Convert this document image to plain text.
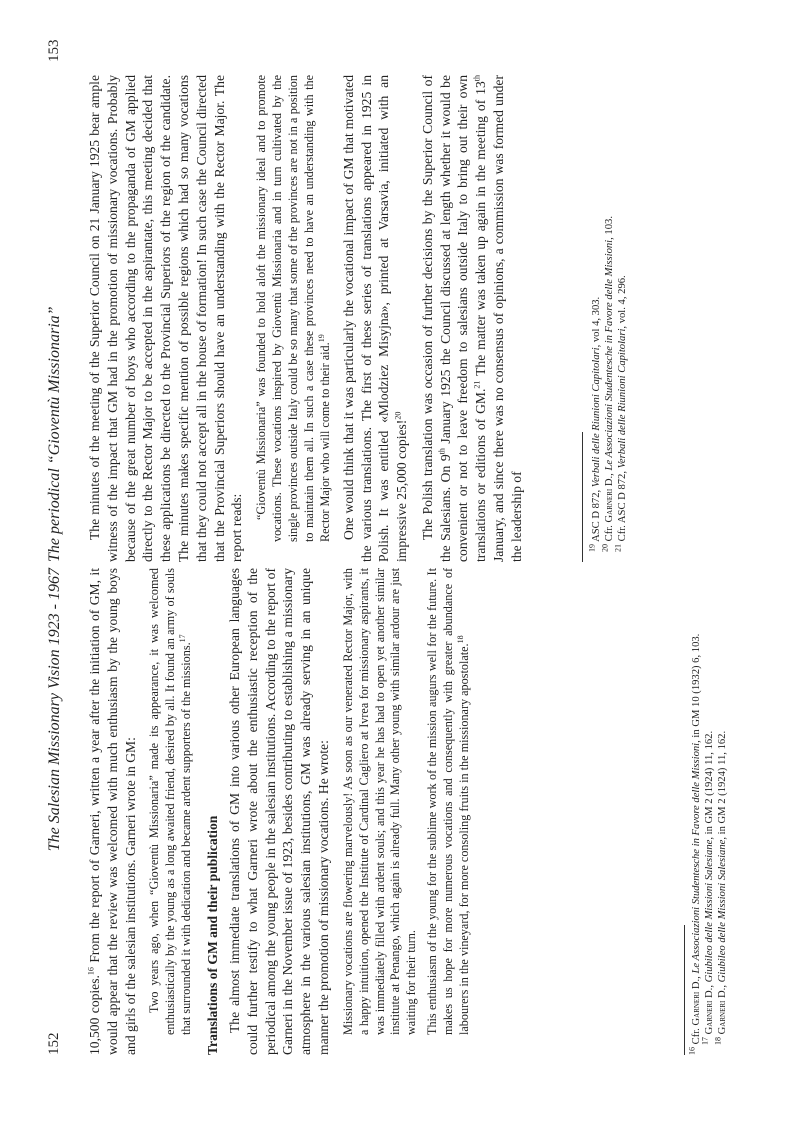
152
The Salesian Missionary Vision 1923 - 1967

10,500 copies.$^{16}$ From the report of Garneri, written a year after the initiation of GM, it would appear that the review was welcomed with much enthusiasm by the young boys and girls of the salesian institutions. Garneri wrote in GM: Two years ago, when “Gioventù Missionaria” made its appearance, it was welcomed enthusiastically by the young as a long awaited friend, desired by all. It found an army of souls that surrounded it with dedication and became ardent supporters of the missions.$^{17}$

Translations of GM and their publication The almost immediate translations of GM into various other European languages could further testify to what Garneri wrote about the enthusiastic reception of the periodical among the young people in the salesian institutions. According to the report of Garneri in the November issue of 1923, besides contributing to establishing a missionary atmosphere in the various salesian institutions, GM was already serving in an unique manner the promotion of missionary vocations. He wrote: Missionary vocations are flowering marvelously! As soon as our venerated Rector Major, with a happy intuition, opened the Institute of Cardinal Cagliero at Ivrea for missionary aspirants, it was immediately filled with ardent souls; and this year he has had to open yet another similar institute at Penango, which again is already full. Many other young with similar ardour are just waiting for their turn. This enthusiasm of the young for the sublime work of the mission augurs well for the future. It makes us hope for more numerous vocations and consequently with greater abundance of labourers in the vineyard, for more consoling fruits in the missionary apostolate.$^{18}$

$^{16}$ Cfr. Garneri D., Le Associazioni Studentesche in Favore delle Missioni, in GM 10 (1932) 6, 103.

$^{17}$ Garneri D., Giubileo delle Missioni Salesiane, in GM 2 (1924) 11, 162.

$^{18}$ Garneri D., Giubileo delle Missioni Salesiane, in GM 2 (1924) 11, 162.

The periodical “Gioventù Missionaria”
153

The minutes of the meeting of the Superior Council on 21 January 1925 bear ample witness of the impact that GM had in the promotion of missionary vocations. Probably because of the great number of boys who according to the propaganda of GM applied directly to the Rector Major to be accepted in the aspirantate, this meeting decided that these applications be directed to the Provincial Superiors of the region of the candidate. The minutes makes specific mention of possible regions which had so many vocations that they could not accept all in the house of formation! In such case the Council directed that the Provincial Superiors should have an understanding with the Rector Major. The report reads:

“Gioventù Missionaria” was founded to hold aloft the missionary ideal and to promote vocations. These vocations inspired by Gioventù Missionaria and in turn cultivated by the single provinces outside Italy could be so many that some of the provinces are not in a position to maintain them all. In such a case these provinces need to have an understanding with the Rector Major who will come to their aid.$^{19}$	One would think that it was particularly the vocational impact of GM that motivated the various translations. The first of these series of translations appeared in 1925 in Polish. It was entitled «Mlodziez Misyjna», printed at Varsavia, initiated with an impressive 25,000 copies!$^{20}$	The Polish translation was occasion of further decisions by the Superior Council of the Salesians. On 9th January 1925 the Council discussed at length whether it would be convenient or not to leave freedom to salesians outside Italy to bring out their own translations or editions of GM.$^{21}$ The matter was taken up again in the meeting of 13th January, and since there was no consensus of opinions, a commission was formed under the leadership of	$^{19}$ ASC D 872, Verbali delle Riunioni Capitolari, vol 4, 303.

$^{20}$ Cfr. Garneri D., Le Associazioni Studentesche in Favore delle Missioni, 103.

$^{21}$ Cfr. ASC D 872, Verbali delle Riunioni Capitolari, vol. 4, 296.
